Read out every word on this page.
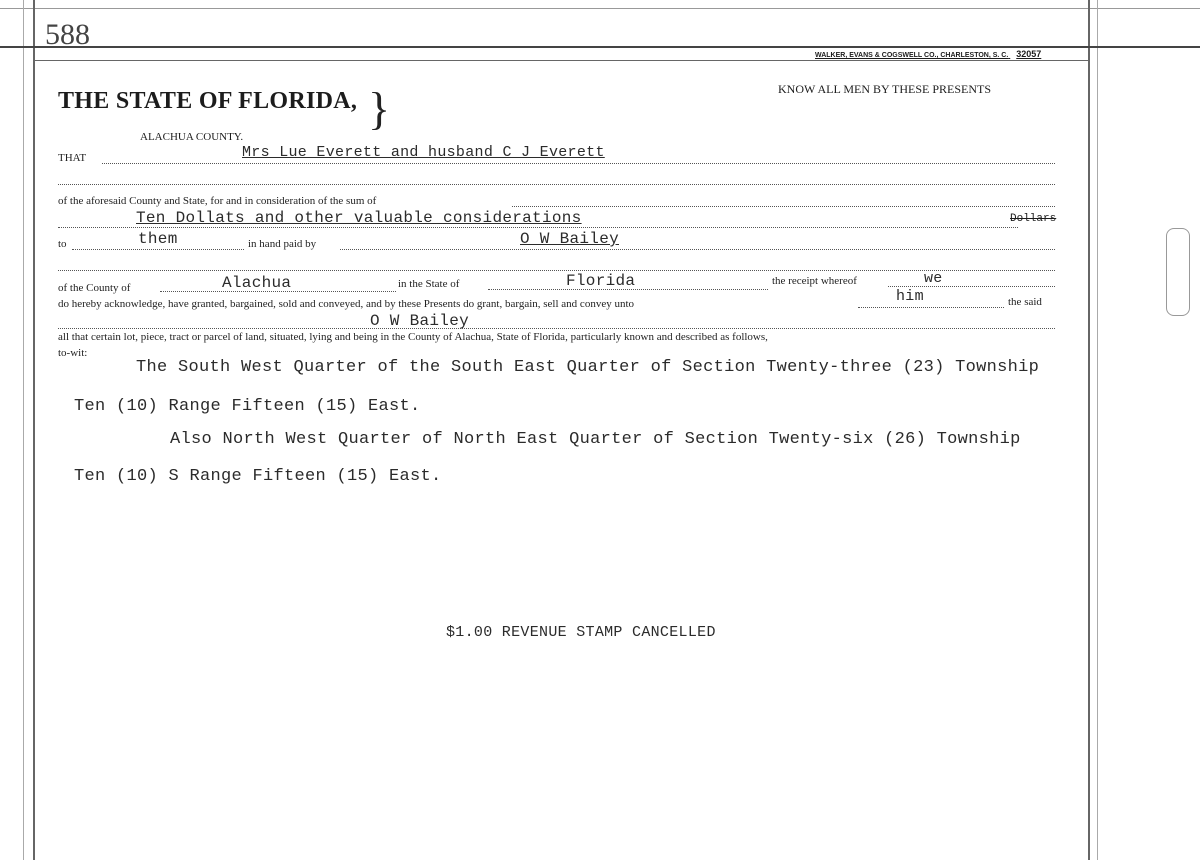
588
WALKER, EVANS & COGSWELL CO., CHARLESTON, S. C. 32057
THE STATE OF FLORIDA, }
ALACHUA COUNTY.
KNOW ALL MEN BY THESE PRESENTS
THAT	Mrs Lue Everett and husband C J Everett
of the aforesaid County and State, for and in consideration of the sum of
Ten Dollats and other valuable considerations	Dollars
to	them	in hand paid by	O W Bailey
of the County of	Alachua	in the State of	Florida	the receipt whereof	we
do hereby acknowledge, have granted, bargained, sold and conveyed, and by these Presents do grant, bargain, sell and convey unto	him	the said
O W Bailey
all that certain lot, piece, tract or parcel of land, situated, lying and being in the County of Alachua, State of Florida, particularly known and described as follows,
to-wit:
The South West Quarter of the South East Quarter of Section Twenty-three (23) Township
Ten (10) Range Fifteen (15) East.
Also North West Quarter of North East Quarter of Section Twenty-six (26) Township
Ten (10) S Range Fifteen (15) East.
$1.00 REVENUE STAMP CANCELLED
